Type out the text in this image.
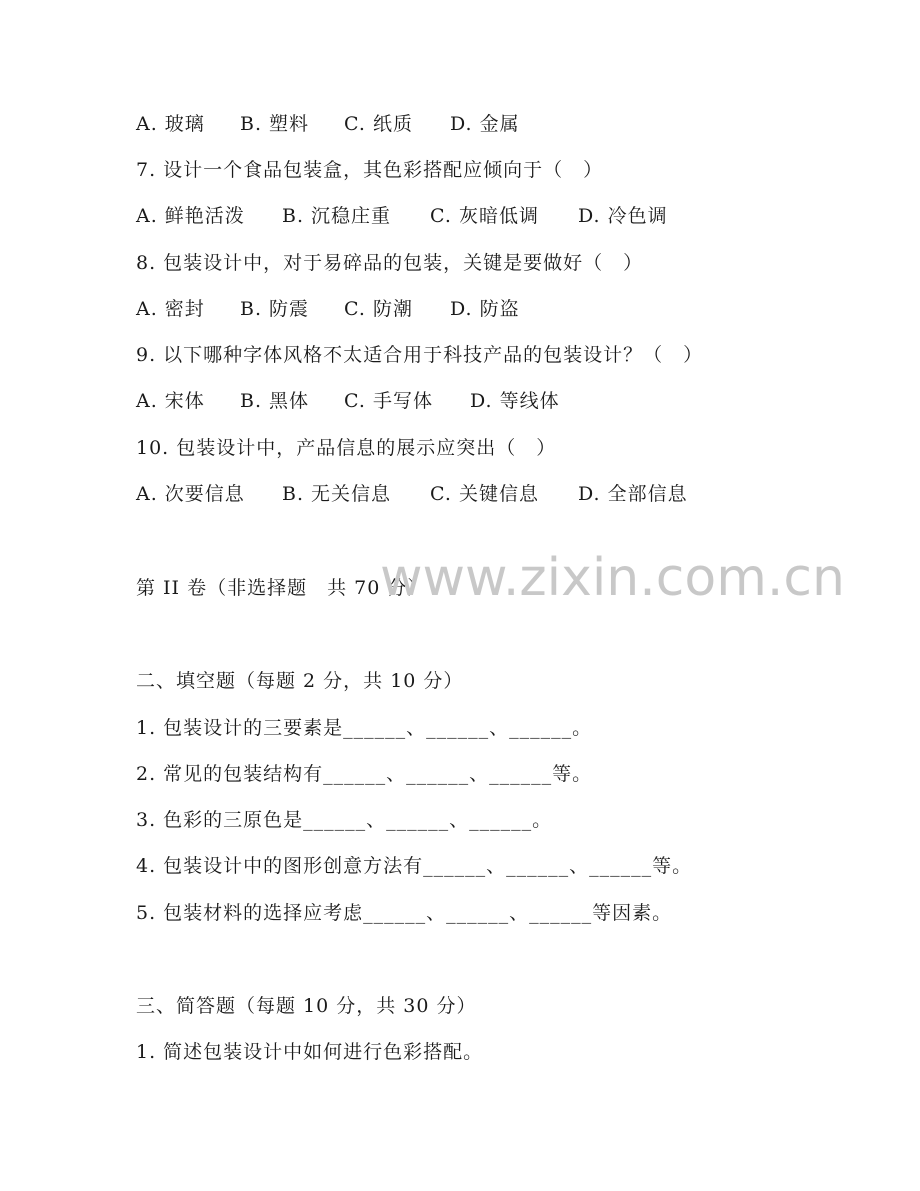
A. 玻璃	B. 塑料	C. 纸质	D. 金属
7. 设计一个食品包装盒，其色彩搭配应倾向于（　）
A. 鲜艳活泼	B. 沉稳庄重	C. 灰暗低调	D. 冷色调
8. 包装设计中，对于易碎品的包装，关键是要做好（　）
A. 密封	B. 防震	C. 防潮	D. 防盗
9. 以下哪种字体风格不太适合用于科技产品的包装设计？（　）
A. 宋体	B. 黑体	C. 手写体	D. 等线体
10. 包装设计中，产品信息的展示应突出（　）
A. 次要信息	B. 无关信息	C. 关键信息	D. 全部信息
第 II 卷（非选择题　共 70 分）
www.zixin.com.cn
二、填空题（每题 2 分，共 10 分）
1. 包装设计的三要素是______、______、______。
2. 常见的包装结构有______、______、______等。
3. 色彩的三原色是______、______、______。
4. 包装设计中的图形创意方法有______、______、______等。
5. 包装材料的选择应考虑______、______、______等因素。
三、简答题（每题 10 分，共 30 分）
1. 简述包装设计中如何进行色彩搭配。
